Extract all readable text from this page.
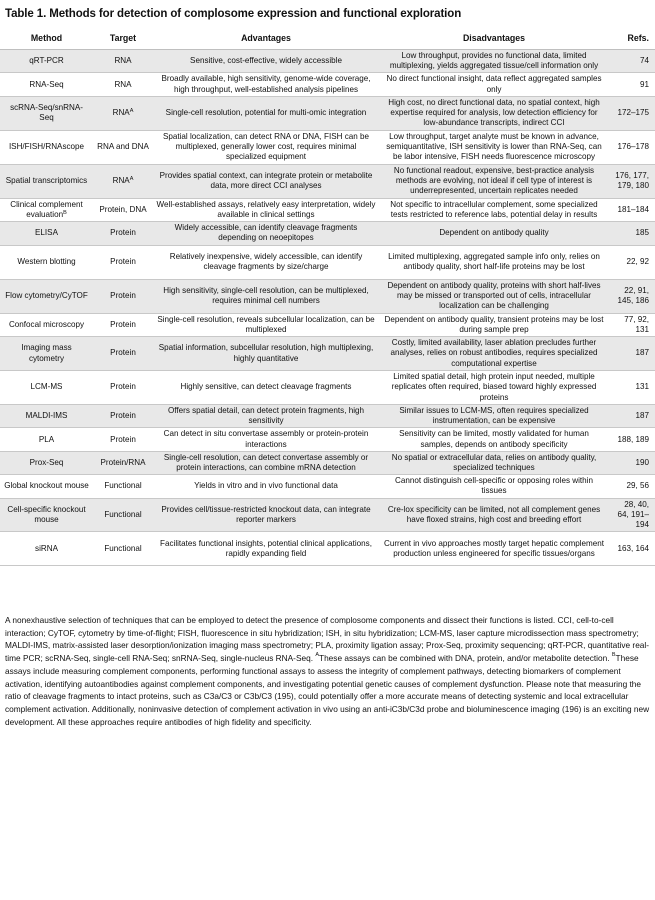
Table 1. Methods for detection of complosome expression and functional exploration
Method	Target	Advantages	Disadvantages	Refs.
qRT-PCR	RNA	Sensitive, cost-effective, widely accessible	Low throughput, provides no functional data, limited multiplexing, yields aggregated tissue/cell information only	74
RNA-Seq	RNA	Broadly available, high sensitivity, genome-wide coverage, high throughput, well-established analysis pipelines	No direct functional insight, data reflect aggregated samples only	91
scRNA-Seq/snRNA-Seq	$RNA^A$	Single-cell resolution, potential for multi-omic integration	High cost, no direct functional data, no spatial context, high expertise required for analysis, low detection efficiency for low-abundance transcripts, indirect CCI	172–175
ISH/FISH/RNAscope	RNA and DNA	Spatial localization, can detect RNA or DNA, FISH can be multiplexed, generally lower cost, requires minimal specialized equipment	Low throughput, target analyte must be known in advance, semiquantitative, ISH sensitivity is lower than RNA-Seq, can be labor intensive, FISH needs fluorescence microscopy	176–178
Spatial transcriptomics	$RNA^A$	Provides spatial context, can integrate protein or metabolite data, more direct CCI analyses	No functional readout, expensive, best-practice analysis methods are evolving, not ideal if cell type of interest is underrepresented, uncertain replicates needed	176, 177, 179, 180
Clinical complement evaluation$^B$	Protein, DNA	Well-established assays, relatively easy interpretation, widely available in clinical settings	Not specific to intracellular complement, some specialized tests restricted to reference labs, potential delay in results	181–184
ELISA	Protein	Widely accessible, can identify cleavage fragments depending on neoepitopes	Dependent on antibody quality	185
Western blotting	Protein	Relatively inexpensive, widely accessible, can identify cleavage fragments by size/charge	Limited multiplexing, aggregated sample info only, relies on antibody quality, short half-life proteins may be lost	22, 92
Flow cytometry/CyTOF	Protein	High sensitivity, single-cell resolution, can be multiplexed, requires minimal cell numbers	Dependent on antibody quality, proteins with short half-lives may be missed or transported out of cells, intracellular localization can be challenging	22, 91, 145, 186
Confocal microscopy	Protein	Single-cell resolution, reveals subcellular localization, can be multiplexed	Dependent on antibody quality, transient proteins may be lost during sample prep	77, 92, 131
Imaging mass cytometry	Protein	Spatial information, subcellular resolution, high multiplexing, highly quantitative	Costly, limited availability, laser ablation precludes further analyses, relies on robust antibodies, requires specialized computational expertise	187
LCM-MS	Protein	Highly sensitive, can detect cleavage fragments	Limited spatial detail, high protein input needed, multiple replicates often required, biased toward highly expressed proteins	131
MALDI-IMS	Protein	Offers spatial detail, can detect protein fragments, high sensitivity	Similar issues to LCM-MS, often requires specialized instrumentation, can be expensive	187
PLA	Protein	Can detect in situ convertase assembly or protein-protein interactions	Sensitivity can be limited, mostly validated for human samples, depends on antibody specificity	188, 189
Prox-Seq	Protein/RNA	Single-cell resolution, can detect convertase assembly or protein interactions, can combine mRNA detection	No spatial or extracellular data, relies on antibody quality, specialized techniques	190
Global knockout mouse	Functional	Yields in vitro and in vivo functional data	Cannot distinguish cell-specific or opposing roles within tissues	29, 56
Cell-specific knockout mouse	Functional	Provides cell/tissue-restricted knockout data, can integrate reporter markers	Cre-lox specificity can be limited, not all complement genes have floxed strains, high cost and breeding effort	28, 40, 64, 191–194
siRNA	Functional	Facilitates functional insights, potential clinical applications, rapidly expanding field	Current in vivo approaches mostly target hepatic complement production unless engineered for specific tissues/organs	163, 164
A nonexhaustive selection of techniques that can be employed to detect the presence of complosome components and dissect their functions is listed. CCI, cell-to-cell interaction; CyTOF, cytometry by time-of-flight; FISH, fluorescence in situ hybridization; ISH, in situ hybridization; LCM-MS, laser capture microdissection mass spectrometry; MALDI-IMS, matrix-assisted laser desorption/ionization imaging mass spectrometry; PLA, proximity ligation assay; Prox-Seq, proximity sequencing; qRT-PCR, quantitative real-time PCR; scRNA-Seq, single-cell RNA-Seq; snRNA-Seq, single-nucleus RNA-Seq. $^A$These assays can be combined with DNA, protein, and/or metabolite detection. $^B$These assays include measuring complement components, performing functional assays to assess the integrity of complement pathways, detecting biomarkers of complement activation, identifying autoantibodies against complement components, and investigating potential genetic causes of complement dysfunction. Please note that measuring the ratio of cleavage fragments to intact proteins, such as C3a/C3 or C3b/C3 (195), could potentially offer a more accurate means of detecting systemic and local extracellular complement activation. Additionally, noninvasive detection of complement activation in vivo using an anti-iC3b/C3d probe and bioluminescence imaging (196) is an exciting new development. All these approaches require antibodies of high fidelity and specificity.
